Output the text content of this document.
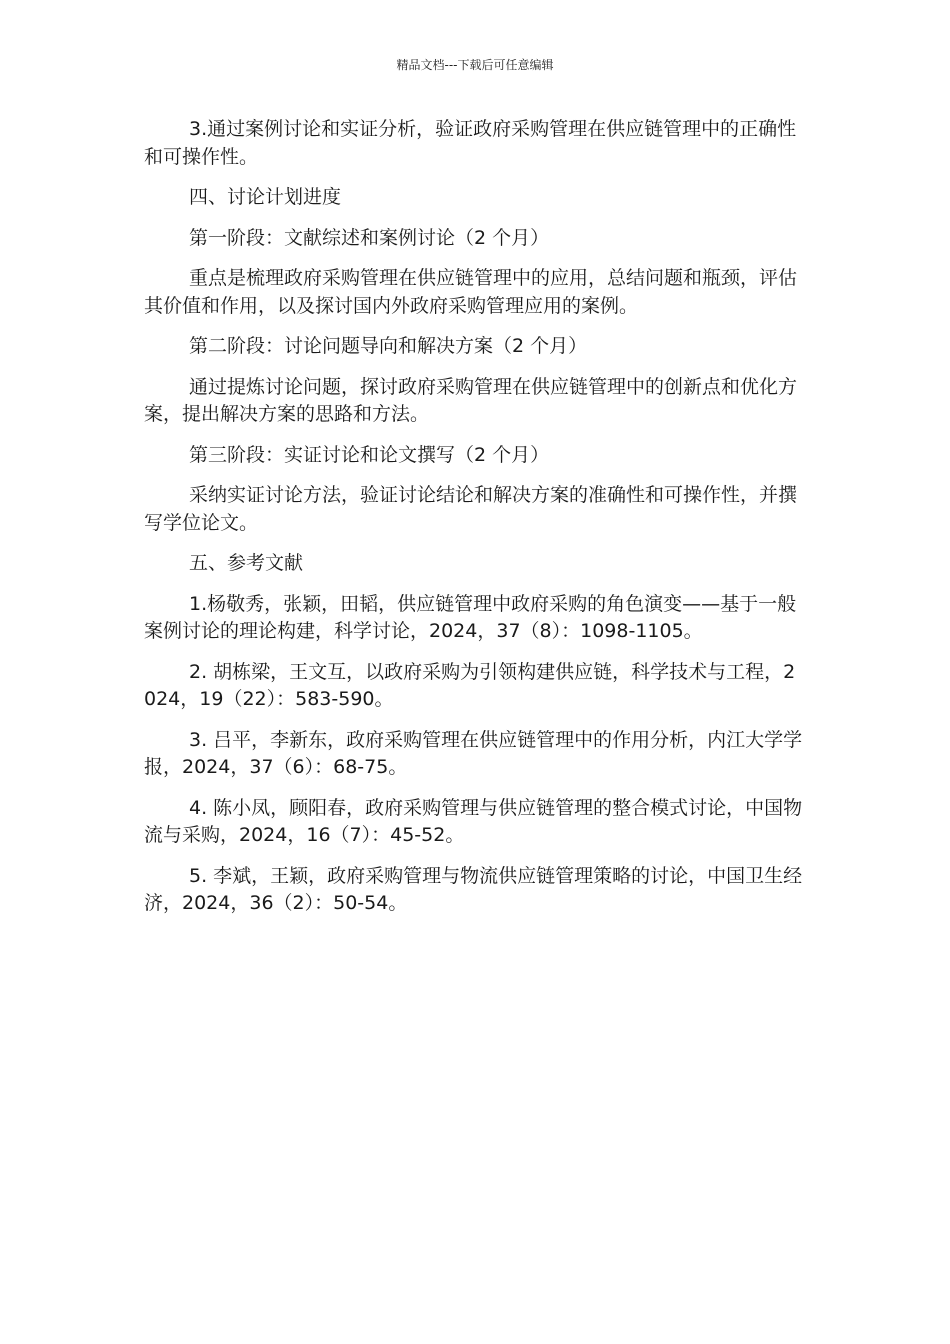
精品文档---下载后可任意编辑

3.通过案例讨论和实证分析，验证政府采购管理在供应链管理中的正确性和可操作性。

四、讨论计划进度

第一阶段：文献综述和案例讨论（2 个月）

重点是梳理政府采购管理在供应链管理中的应用，总结问题和瓶颈，评估其价值和作用，以及探讨国内外政府采购管理应用的案例。

第二阶段：讨论问题导向和解决方案（2 个月）

通过提炼讨论问题，探讨政府采购管理在供应链管理中的创新点和优化方案，提出解决方案的思路和方法。

第三阶段：实证讨论和论文撰写（2 个月）

采纳实证讨论方法，验证讨论结论和解决方案的准确性和可操作性，并撰写学位论文。

五、参考文献

1.杨敬秀，张颖，田韬，供应链管理中政府采购的角色演变——基于一般案例讨论的理论构建，科学讨论，2024，37（8）：1098-1105。

2. 胡栋梁，王文互，以政府采购为引领构建供应链，科学技术与工程，2024，19（22）：583-590。

3. 吕平，李新东，政府采购管理在供应链管理中的作用分析，内江大学学报，2024，37（6）：68-75。

4. 陈小凤，顾阳春，政府采购管理与供应链管理的整合模式讨论，中国物流与采购，2024，16（7）：45-52。

5. 李斌，王颖，政府采购管理与物流供应链管理策略的讨论，中国卫生经济，2024，36（2）：50-54。
